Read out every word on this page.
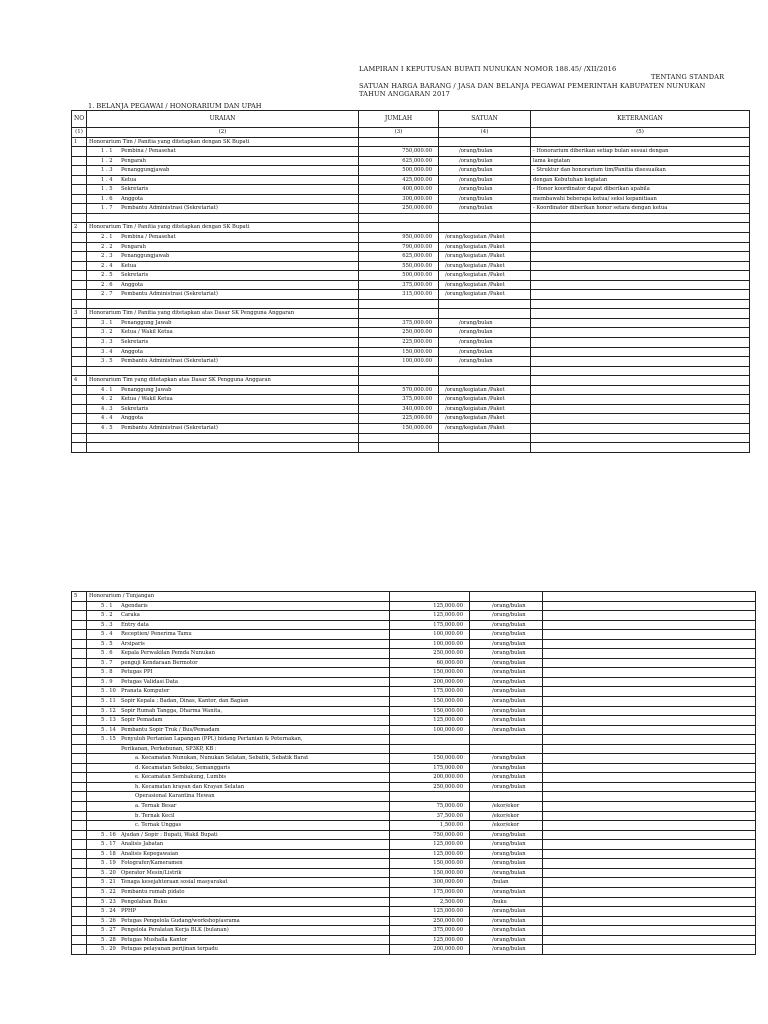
LAMPIRAN I KEPUTUSAN BUPATI NUNUKAN NOMOR 188.45/ /XII/2016
TENTANG STANDAR
SATUAN HARGA BARANG / JASA DAN BELANJA PEGAWAI PEMERINTAH KABUPATEN NUNUKAN
TAHUN ANGGARAN 2017
1. BELANJA PEGAWAI / HONORARIUM DAN UPAH
NO	URAIAN	JUMLAH	SATUAN	KETERANGAN
(1)	(2)	(3)	(4)	(5)
1	Honorarium Tim / Panitia yang ditetapkan dengan SK Bupati			
	1 . 1 Pembina / Penasehat	750,000.00	/orang/bulan	- Honorarium diberikan setiap bulan sesuai dengan
	1 . 2 Pengarah	625,000.00	/orang/bulan	lama kegiatan
	1 . 3 Penanggungjawab	500,000.00	/orang/bulan	- Struktur dan honorarium tim/Panitia disesuaikan
	1 . 4 Ketua	425,000.00	/orang/bulan	dengan Kebutuhan kegiatan
	1 . 5 Sekretaris	400,000.00	/orang/bulan	- Honor koordinator dapat diberikan apabila
	1 . 6 Anggota	300,000.00	/orang/bulan	membawahi beberapa ketua/ seksi kepanitiaan
	1 . 7 Pembantu Administrasi (Sekretariat)	250,000.00	/orang/bulan	- Koordinator diberikan honor setara dengan ketua

2	Honorarium Tim / Panitia yang ditetapkan dengan SK Bupati			
	2 . 1 Pembina / Penasehat	950,000.00	/orang/kegiatan /Paket	
	2 . 2 Pengarah	790,000.00	/orang/kegiatan /Paket	
	2 . 3 Penanggungjawab	625,000.00	/orang/kegiatan /Paket	
	2 . 4 Ketua	550,000.00	/orang/kegiatan /Paket	
	2 . 5 Sekretaris	500,000.00	/orang/kegiatan /Paket	
	2 . 6 Anggota	375,000.00	/orang/kegiatan /Paket	
	2 . 7 Pembantu Administrasi (Sekretariat)	315,000.00	/orang/kegiatan /Paket	

3	Honorarium Tim / Panitia yang ditetapkan atas Dasar SK Pengguna Anggaran			
	3 . 1 Penanggung Jawab	375,000.00	/orang/bulan	
	3 . 2 Ketua / Wakil Ketua	250,000.00	/orang/bulan	
	3 . 3 Sekretaris	225,000.00	/orang/bulan	
	3 . 4 Anggota	150,000.00	/orang/bulan	
	3 . 5 Pembantu Administrasi (Sekretariat)	100,000.00	/orang/bulan	

4	Honorarium Tim yang ditetapkan atas Dasar SK Pengguna Anggaran			
	4 . 1 Penanggung Jawab	570,000.00	/orang/kegiatan /Paket	
	4 . 2 Ketua / Wakil Ketua	375,000.00	/orang/kegiatan /Paket	
	4 . 3 Sekretaris	340,000.00	/orang/kegiatan /Paket	
	4 . 4 Anggota	225,000.00	/orang/kegiatan /Paket	
	4 . 5 Pembantu Administrasi (Sekretariat)	150,000.00	/orang/kegiatan /Paket	

5	Honorarium / Tunjangan			
	5 . 1 Agendaris	125,000.00	/orang/bulan	
	5 . 2 Caraka	125,000.00	/orang/bulan	
	5 . 3 Entry data	175,000.00	/orang/bulan	
	5 . 4 Receptien/ Penerima Tamu	100,000.00	/orang/bulan	
	5 . 5 Arsiparis	100,000.00	/orang/bulan	
	5 . 6 Kepala Perwakilan Pemda Nunukan	250,000.00	/orang/bulan	
	5 . 7 penguji Kendaraan Bermotor	60,000.00	/orang/bulan	
	5 . 8 Petugas PPI	150,000.00	/orang/bulan	
	5 . 9 Petugas Validasi Data	200,000.00	/orang/bulan	
	5 . 10 Pranata Komputer	175,000.00	/orang/bulan	
	5 . 11 Sopir Kepala ; Badan, Dinas, Kantor, dan Bagian	150,000.00	/orang/bulan	
	5 . 12 Sopir Rumah Tangga, Dharma Wanita,	150,000.00	/orang/bulan	
	5 . 13 Sopir Pemadam	125,000.00	/orang/bulan	
	5 . 14 Pembantu Sopir Truk / Bus/Pemadam	100,000.00	/orang/bulan	
	5 . 15 Penyuluh Pertanian Lapangan (PPL) bidang Pertanian & Peternakan,			
	Perikanan, Perkebunan, SP3KP, KB :			
	a. Kecamatan Nunukan, Nunukan Selatan, Sebatik, Sebatik Barat	150,000.00	/orang/bulan	
	d. Kecamatan Sebuku, Semanggaris	175,000.00	/orang/bulan	
	e. Kecamatan Sembakung, Lumbis	200,000.00	/orang/bulan	
	h. Kecamatan krayan dan Krayan Selatan	250,000.00	/orang/bulan	
	Operasional Karantina Hewan			
	a. Ternak Besar	75,000.00	/ekor/ekor	
	b. Ternak Kecil	37,500.00	/ekor/ekor	
	c. Ternak Unggas	1,500.00	/ekor/ekor	
	5 . 16 Ajudan / Sopir : Bupati, Wakil Bupati	750,000.00	/orang/bulan	
	5 . 17 Analisis Jabatan	125,000.00	/orang/bulan	
	5 . 18 Analisis Kepegawaian	125,000.00	/orang/bulan	
	5 . 19 Fotografer/Kameramen	150,000.00	/orang/bulan	
	5 . 20 Operator Mesin/Listrik	150,000.00	/orang/bulan	
	5 . 21 Tenaga kesejahteraan sosial masyarakat	300,000.00	/bulan	
	5 . 22 Pembantu rumah pidato	175,000.00	/orang/bulan	
	5 . 23 Pengolahan Buku	2,500.00	/buku	
	5 . 24 PPHP	125,000.00	/orang/bulan	
	5 . 26 Petugas Pengelola Gudang/workshop/asrama	250,000.00	/orang/bulan	
	5 . 27 Pengelola Peralatan Kerja BLK (bulanan)	375,000.00	/orang/bulan	
	5 . 28 Petugas Mushalla Kantor	125,000.00	/orang/bulan	
	5 . 29 Petugas pelayanan perijinan terpadu	200,000.00	/orang/bulan	
